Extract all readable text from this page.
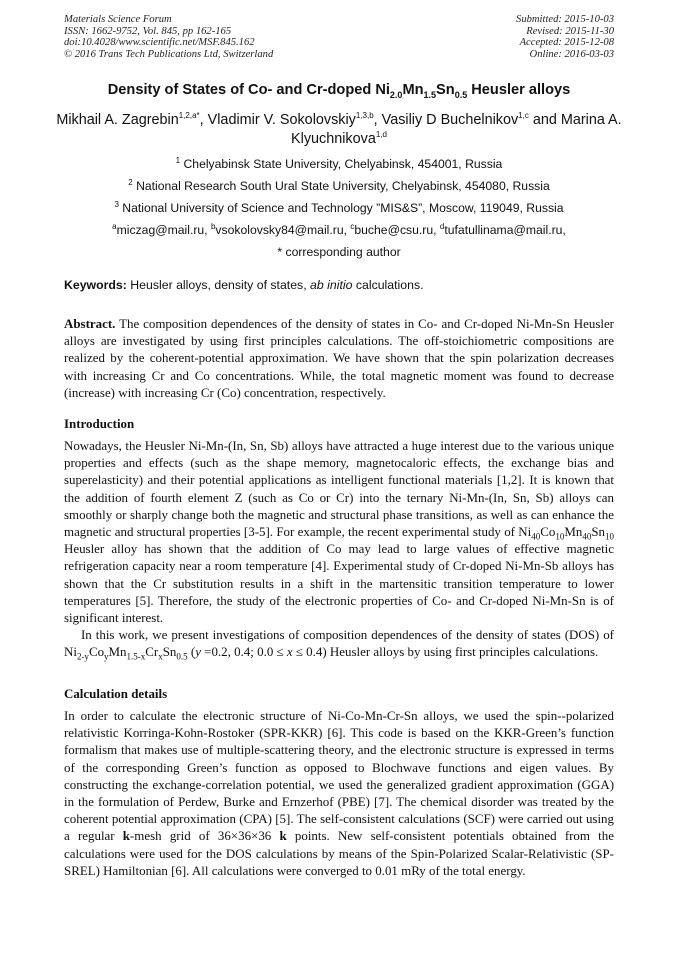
Materials Science Forum
ISSN: 1662-9752, Vol. 845, pp 162-165
doi:10.4028/www.scientific.net/MSF.845.162
© 2016 Trans Tech Publications Ltd, Switzerland
Submitted: 2015-10-03
Revised: 2015-11-30
Accepted: 2015-12-08
Online: 2016-03-03
Density of States of Co- and Cr-doped $Ni_{2.0}Mn_{1.5}Sn_{0.5}$ Heusler alloys
Mikhail A. Zagrebin$^{1,2,a*}$, Vladimir V. Sokolovskiy$^{1,3,b}$, Vasiliy D Buchelnikov$^{1,c}$ and Marina A. Klyuchnikova$^{1,d}$
$^1$ Chelyabinsk State University, Chelyabinsk, 454001, Russia
$^2$ National Research South Ural State University, Chelyabinsk, 454080, Russia
$^3$ National University of Science and Technology ”MIS&S”, Moscow, 119049, Russia
$^a$miczag@mail.ru, $^b$vsokolovsky84@mail.ru, $^c$buche@csu.ru, $^d$tufatullinama@mail.ru,
* corresponding author
Keywords: Heusler alloys, density of states, ab initio calculations.
Abstract. The composition dependences of the density of states in Co- and Cr-doped Ni-Mn-Sn Heusler alloys are investigated by using first principles calculations. The off-stoichiometric compositions are realized by the coherent-potential approximation. We have shown that the spin polarization decreases with increasing Cr and Co concentrations. While, the total magnetic moment was found to decrease (increase) with increasing Cr (Co) concentration, respectively.
Introduction
Nowadays, the Heusler Ni-Mn-(In, Sn, Sb) alloys have attracted a huge interest due to the various unique properties and effects (such as the shape memory, magnetocaloric effects, the exchange bias and superelasticity) and their potential applications as intelligent functional materials [1,2]. It is known that the addition of fourth element Z (such as Co or Cr) into the ternary Ni-Mn-(In, Sn, Sb) alloys can smoothly or sharply change both the magnetic and structural phase transitions, as well as can enhance the magnetic and structural properties [3-5]. For example, the recent experimental study of $Ni_{40}Co_{10}Mn_{40}Sn_{10}$ Heusler alloy has shown that the addition of Co may lead to large values of effective magnetic refrigeration capacity near a room temperature [4]. Experimental study of Cr-doped Ni-Mn-Sb alloys has shown that the Cr substitution results in a shift in the martensitic transition temperature to lower temperatures [5]. Therefore, the study of the electronic properties of Co- and Cr-doped Ni-Mn-Sn is of significant interest.
In this work, we present investigations of composition dependences of the density of states (DOS) of $Ni_{2-y}Co_yMn_{1.5-x}Cr_xSn_{0.5}$ (y =0.2, 0.4; 0.0 ≤ x ≤ 0.4) Heusler alloys by using first principles calculations.
Calculation details
In order to calculate the electronic structure of Ni-Co-Mn-Cr-Sn alloys, we used the spin--polarized relativistic Korringa-Kohn-Rostoker (SPR-KKR) [6]. This code is based on the KKR-Green’s function formalism that makes use of multiple-scattering theory, and the electronic structure is expressed in terms of the corresponding Green’s function as opposed to Blochwave functions and eigen values. By constructing the exchange-correlation potential, we used the generalized gradient approximation (GGA) in the formulation of Perdew, Burke and Ernzerhof (PBE) [7]. The chemical disorder was treated by the coherent potential approximation (CPA) [5]. The self-consistent calculations (SCF) were carried out using a regular k-mesh grid of 36×36×36 k points. New self-consistent potentials obtained from the calculations were used for the DOS calculations by means of the Spin-Polarized Scalar-Relativistic (SP-SREL) Hamiltonian [6]. All calculations were converged to 0.01 mRy of the total energy.
